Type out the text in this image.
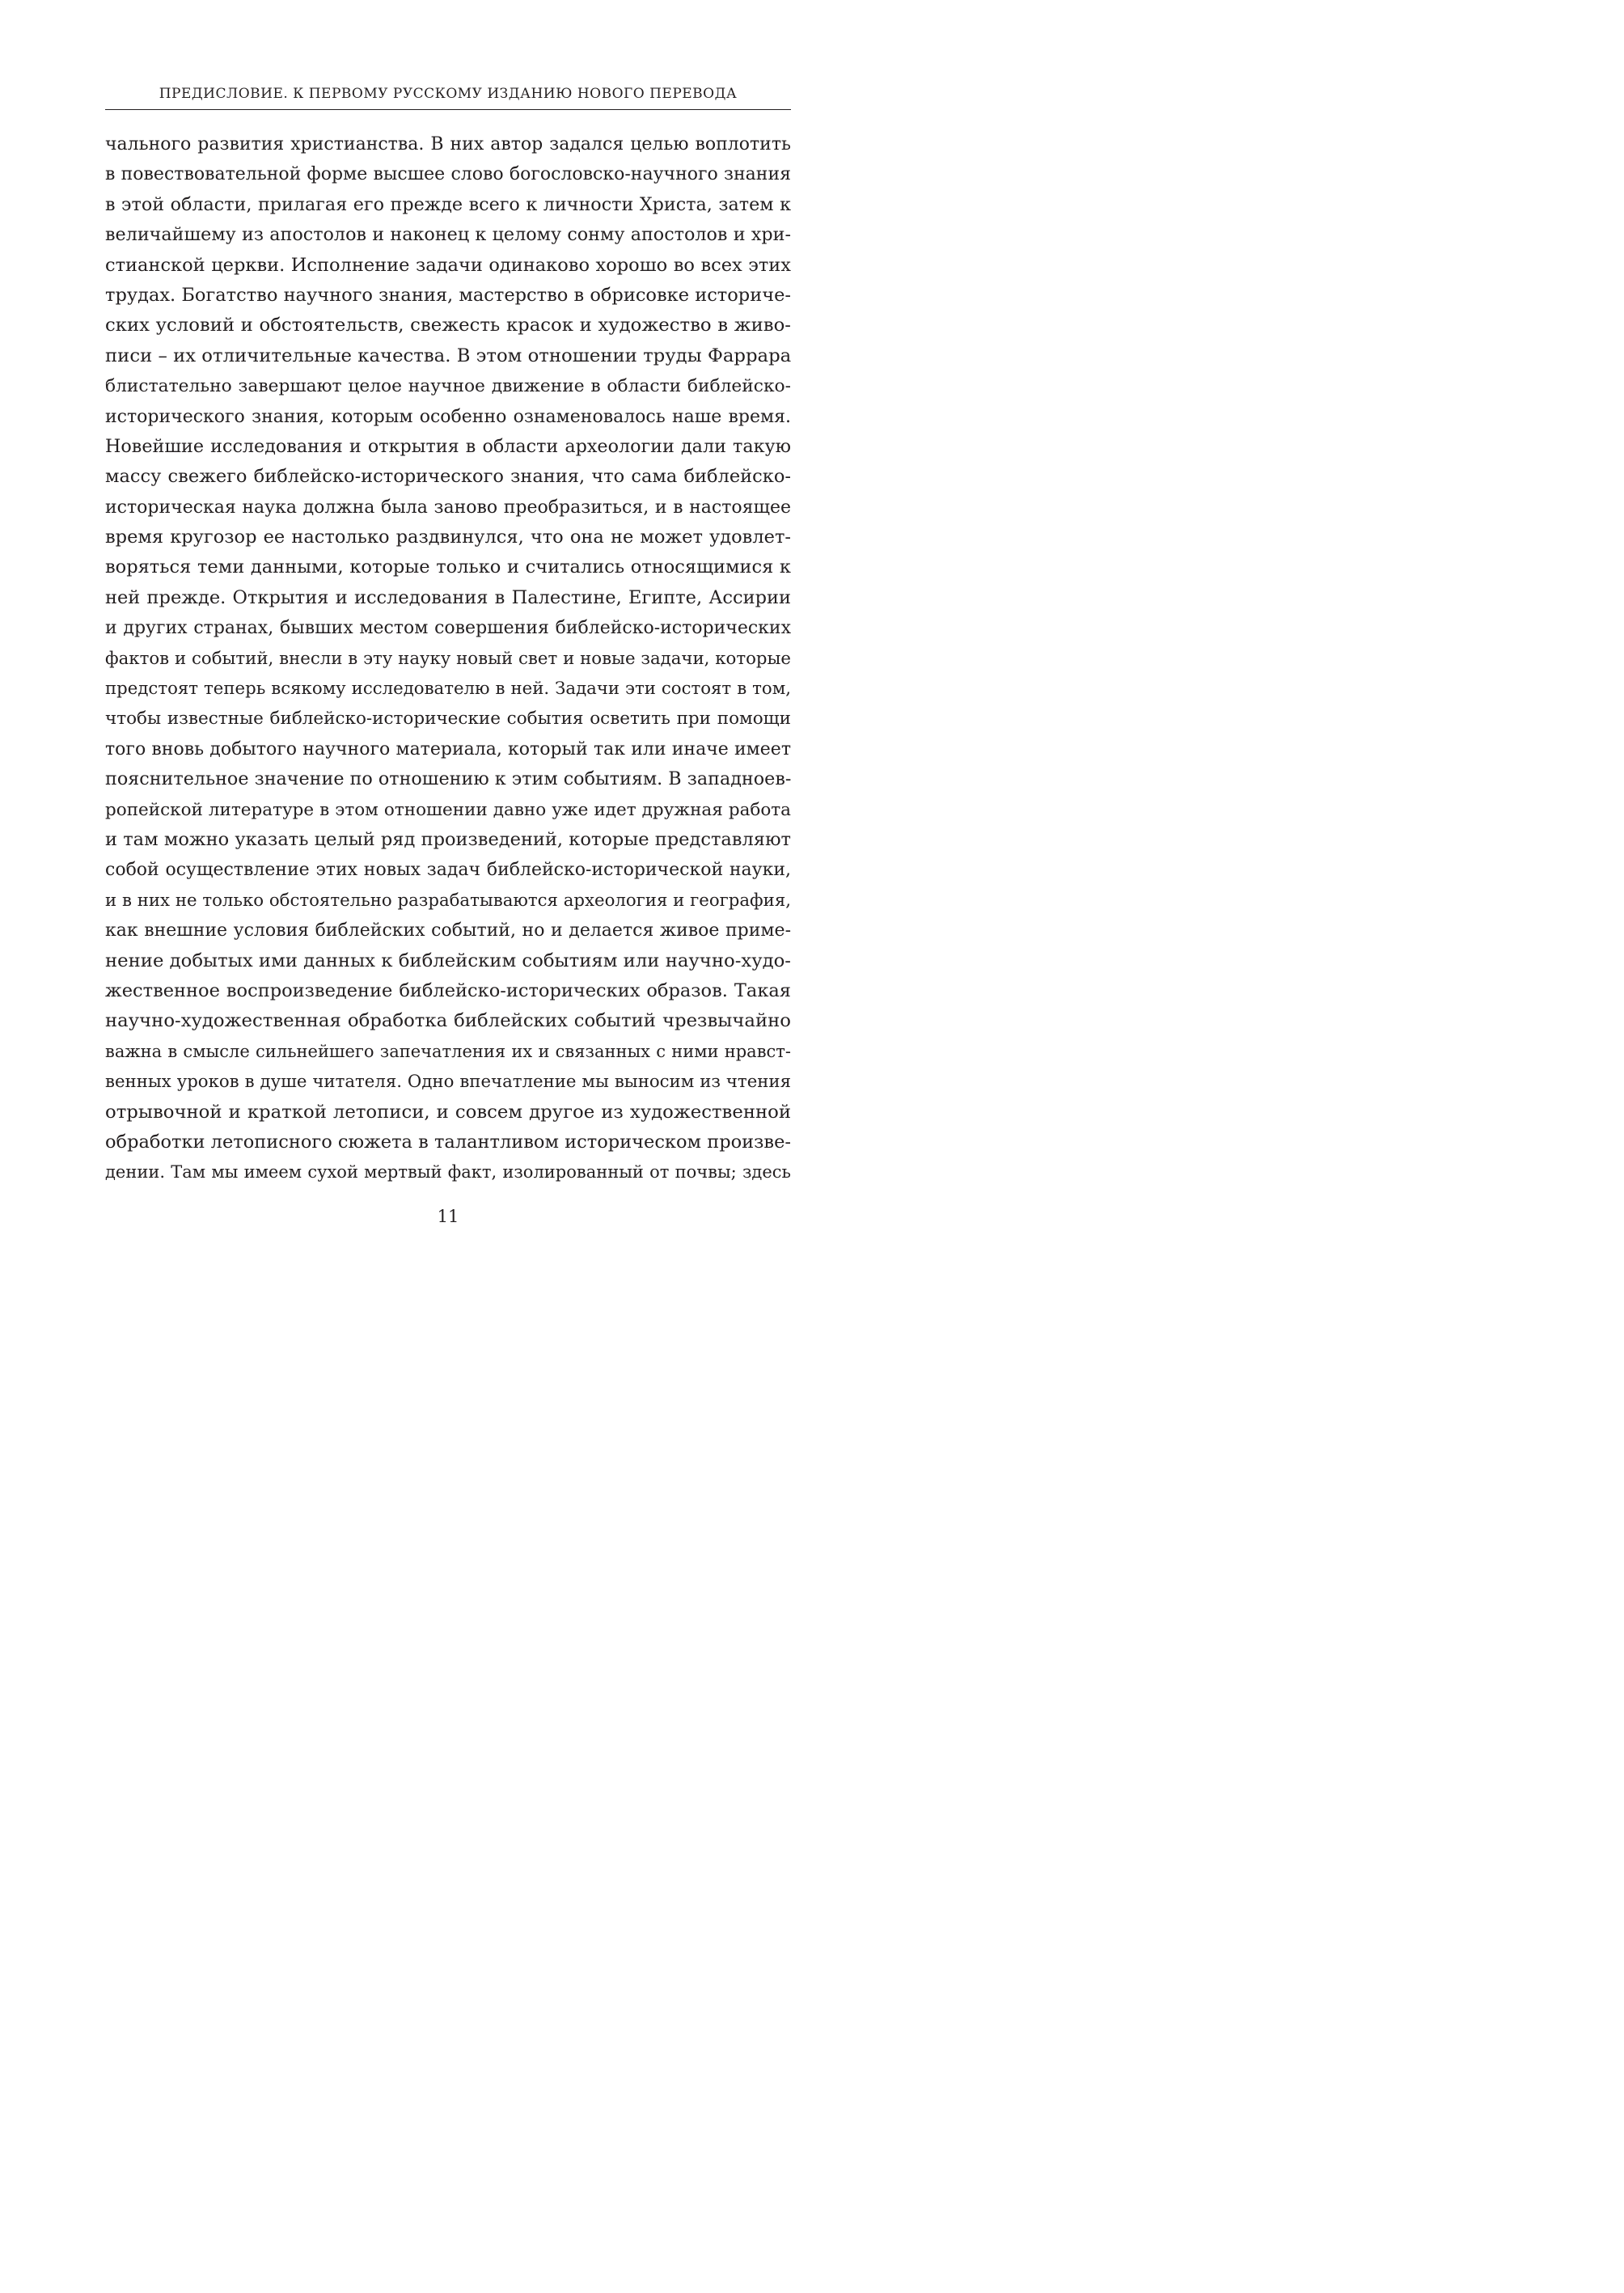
ПРЕДИСЛОВИЕ. К ПЕРВОМУ РУССКОМУ ИЗДАНИЮ НОВОГО ПЕРЕВОДА
чального развития христианства. В них автор задался целью воплотить
в повествовательной форме высшее слово богословско-научного знания
в этой области, прилагая его прежде всего к личности Христа, затем к
величайшему из апостолов и наконец к целому сонму апостолов и хри-
стианской церкви. Исполнение задачи одинаково хорошо во всех этих
трудах. Богатство научного знания, мастерство в обрисовке историче-
ских условий и обстоятельств, свежесть красок и художество в живо-
писи – их отличительные качества. В этом отношении труды Фаррара
блистательно завершают целое научное движение в области библейско-
исторического знания, которым особенно ознаменовалось наше время.
Новейшие исследования и открытия в области археологии дали такую
массу свежего библейско-исторического знания, что сама библейско-
историческая наука должна была заново преобразиться, и в настоящее
время кругозор ее настолько раздвинулся, что она не может удовлет-
воряться теми данными, которые только и считались относящимися к
ней прежде. Открытия и исследования в Палестине, Египте, Ассирии
и других странах, бывших местом совершения библейско-исторических
фактов и событий, внесли в эту науку новый свет и новые задачи, которые
предстоят теперь всякому исследователю в ней. Задачи эти состоят в том,
чтобы известные библейско-исторические события осветить при помощи
того вновь добытого научного материала, который так или иначе имеет
пояснительное значение по отношению к этим событиям. В западноев-
ропейской литературе в этом отношении давно уже идет дружная работа
и там можно указать целый ряд произведений, которые представляют
собой осуществление этих новых задач библейско-исторической науки,
и в них не только обстоятельно разрабатываются археология и география,
как внешние условия библейских событий, но и делается живое приме-
нение добытых ими данных к библейским событиям или научно-худо-
жественное воспроизведение библейско-исторических образов. Такая
научно-художественная обработка библейских событий чрезвычайно
важна в смысле сильнейшего запечатления их и связанных с ними нравст-
венных уроков в душе читателя. Одно впечатление мы выносим из чтения
отрывочной и краткой летописи, и совсем другое из художественной
обработки летописного сюжета в талантливом историческом произве-
дении. Там мы имеем сухой мертвый факт, изолированный от почвы; здесь
11
